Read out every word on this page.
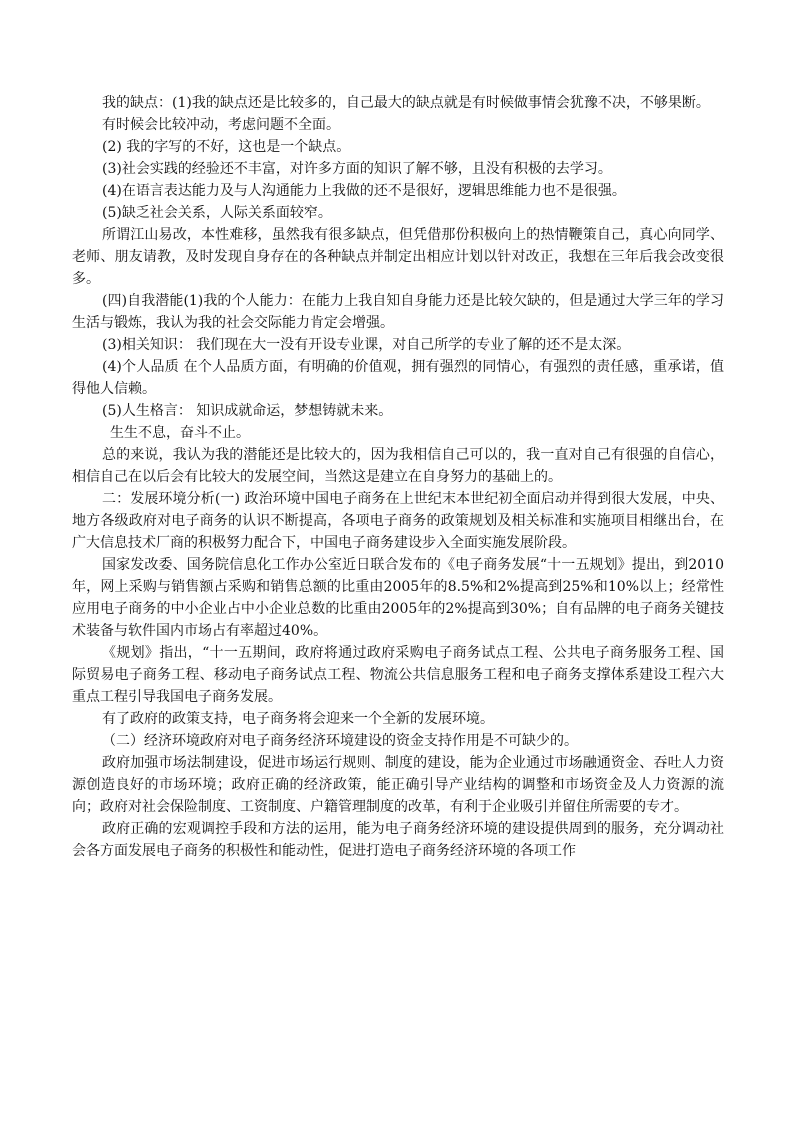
我的缺点：(1)我的缺点还是比较多的，自己最大的缺点就是有时候做事情会犹豫不决，不够果断。

有时候会比较冲动，考虑问题不全面。

(2) 我的字写的不好，这也是一个缺点。

(3)社会实践的经验还不丰富，对许多方面的知识了解不够，且没有积极的去学习。

(4)在语言表达能力及与人沟通能力上我做的还不是很好，逻辑思维能力也不是很强。

(5)缺乏社会关系，人际关系面较窄。

所谓江山易改，本性难移，虽然我有很多缺点，但凭借那份积极向上的热情鞭策自己，真心向同学、老师、朋友请教，及时发现自身存在的各种缺点并制定出相应计划以针对改正，我想在三年后我会改变很多。

(四)自我潜能(1)我的个人能力：在能力上我自知自身能力还是比较欠缺的，但是通过大学三年的学习生活与锻炼，我认为我的社会交际能力肯定会增强。

(3)相关知识： 我们现在大一没有开设专业课，对自己所学的专业了解的还不是太深。

(4)个人品质 在个人品质方面，有明确的价值观，拥有强烈的同情心，有强烈的责任感，重承诺，值得他人信赖。

(5)人生格言： 知识成就命运，梦想铸就未来。

生生不息，奋斗不止。

总的来说，我认为我的潜能还是比较大的，因为我相信自己可以的，我一直对自己有很强的自信心，相信自己在以后会有比较大的发展空间，当然这是建立在自身努力的基础上的。

二：发展环境分析(一) 政治环境中国电子商务在上世纪末本世纪初全面启动并得到很大发展，中央、地方各级政府对电子商务的认识不断提高，各项电子商务的政策规划及相关标准和实施项目相继出台，在广大信息技术厂商的积极努力配合下，中国电子商务建设步入全面实施发展阶段。

国家发改委、国务院信息化工作办公室近日联合发布的《电子商务发展“十一五规划》提出，到2010年，网上采购与销售额占采购和销售总额的比重由2005年的8.5%和2%提高到25%和10%以上；经常性应用电子商务的中小企业占中小企业总数的比重由2005年的2%提高到30%；自有品牌的电子商务关键技术装备与软件国内市场占有率超过40%。

《规划》指出，“十一五期间，政府将通过政府采购电子商务试点工程、公共电子商务服务工程、国际贸易电子商务工程、移动电子商务试点工程、物流公共信息服务工程和电子商务支撑体系建设工程六大重点工程引导我国电子商务发展。

有了政府的政策支持，电子商务将会迎来一个全新的发展环境。

（二）经济环境政府对电子商务经济环境建设的资金支持作用是不可缺少的。

政府加强市场法制建设，促进市场运行规则、制度的建设，能为企业通过市场融通资金、吞吐人力资源创造良好的市场环境；政府正确的经济政策，能正确引导产业结构的调整和市场资金及人力资源的流向；政府对社会保险制度、工资制度、户籍管理制度的改革，有利于企业吸引并留住所需要的专才。

政府正确的宏观调控手段和方法的运用，能为电子商务经济环境的建设提供周到的服务，充分调动社会各方面发展电子商务的积极性和能动性，促进打造电子商务经济环境的各项工作
